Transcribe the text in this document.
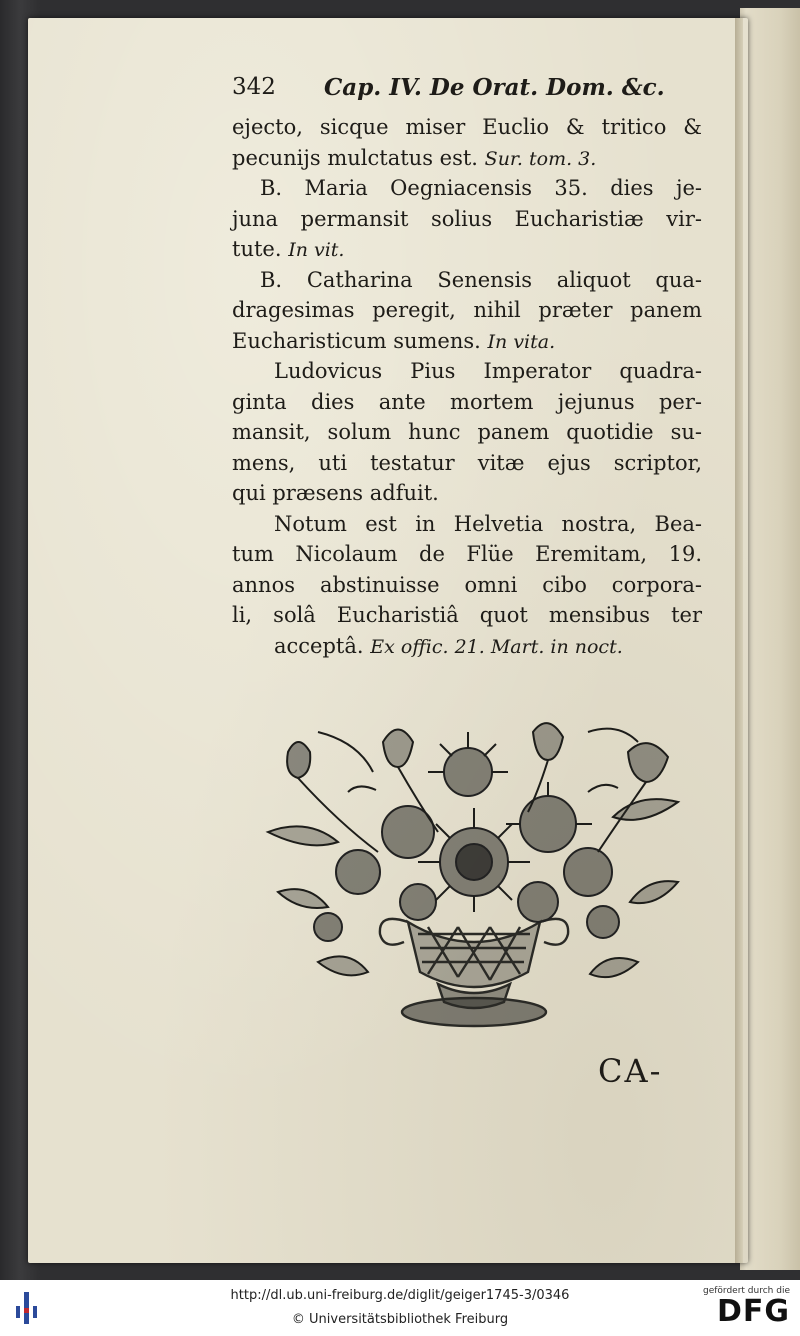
342 Cap. IV. De Orat. Dom. &c.
ejecto, sicque miser Euclio & tritico &
pecunijs mulctatus est. Sur. tom. 3.
B. Maria Oegniacensis 35. dies je-
juna permansit solius Eucharistiæ vir-
tute. In vit.
B. Catharina Senensis aliquot qua-
dragesimas peregit, nihil præter panem
Eucharisticum sumens. In vita.
Ludovicus Pius Imperator quadra-
ginta dies ante mortem jejunus per-
mansit, solum hunc panem quotidie su-
mens, uti testatur vitæ ejus scriptor,
qui præsens adfuit.
Notum est in Helvetia nostra, Bea-
tum Nicolaum de Flüe Eremitam, 19.
annos abstinuisse omni cibo corpora-
li, solâ Eucharistiâ quot mensibus ter
acceptâ. Ex offic. 21. Mart. in noct.
CA-
http://dl.ub.uni-freiburg.de/diglit/geiger1745-3/0346
© Universitätsbibliothek Freiburg
gefördert durch die
DFG
